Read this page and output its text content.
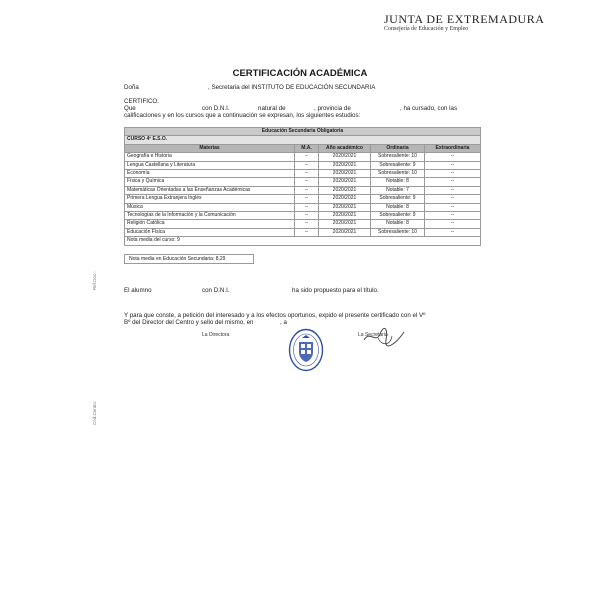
JUNTA DE EXTREMADURA
Consejería de Educación y Empleo
CERTIFICACIÓN ACADÉMICA
Doña	, Secretaria del INSTITUTO DE EDUCACIÓN SECUNDARIA
CERTIFICO:
Que	con D.N.I.	natural de	, provincia de	, ha cursado, con las
calificaciones y en los cursos que a continuación se expresan, los siguientes estudios:
Educación Secundaria Obligatoria				
CURSO 4º E.S.O.				
Materias	M.A.	Año académico	Ordinaria	Extraordinaria
Geografía e Historia	--	2020/2021	Sobresaliente: 10	--
Lengua Castellana y Literatura	--	2020/2021	Sobresaliente: 9	--
Economía	--	2020/2021	Sobresaliente: 10	--
Física y Química	--	2020/2021	Notable: 8	--
Matemáticas Orientadas a las Enseñanzas Académicas	--	2020/2021	Notable: 7	--
Primera Lengua Extranjera Inglés	--	2020/2021	Sobresaliente: 9	--
Música	--	2020/2021	Notable: 8	--
Tecnologías de la Información y la Comunicación	--	2020/2021	Sobresaliente: 9	--
Religión Católica	--	2020/2021	Notable: 8	--
Educación Física	--	2020/2021	Sobresaliente: 10	--
Nota media del curso: 9				
Nota media en Educación Secundaria: 8,29
Ref.Doc.:
Cód.Centro:
El alumno	con D.N.I.	ha sido propuesto para el título.
Y para que conste, a petición del interesado y a los efectos oportunos, expido el presente certificado con el Vº
Bº del Director del Centro y sello del mismo, en	, a
La Directora	La Secretaria
